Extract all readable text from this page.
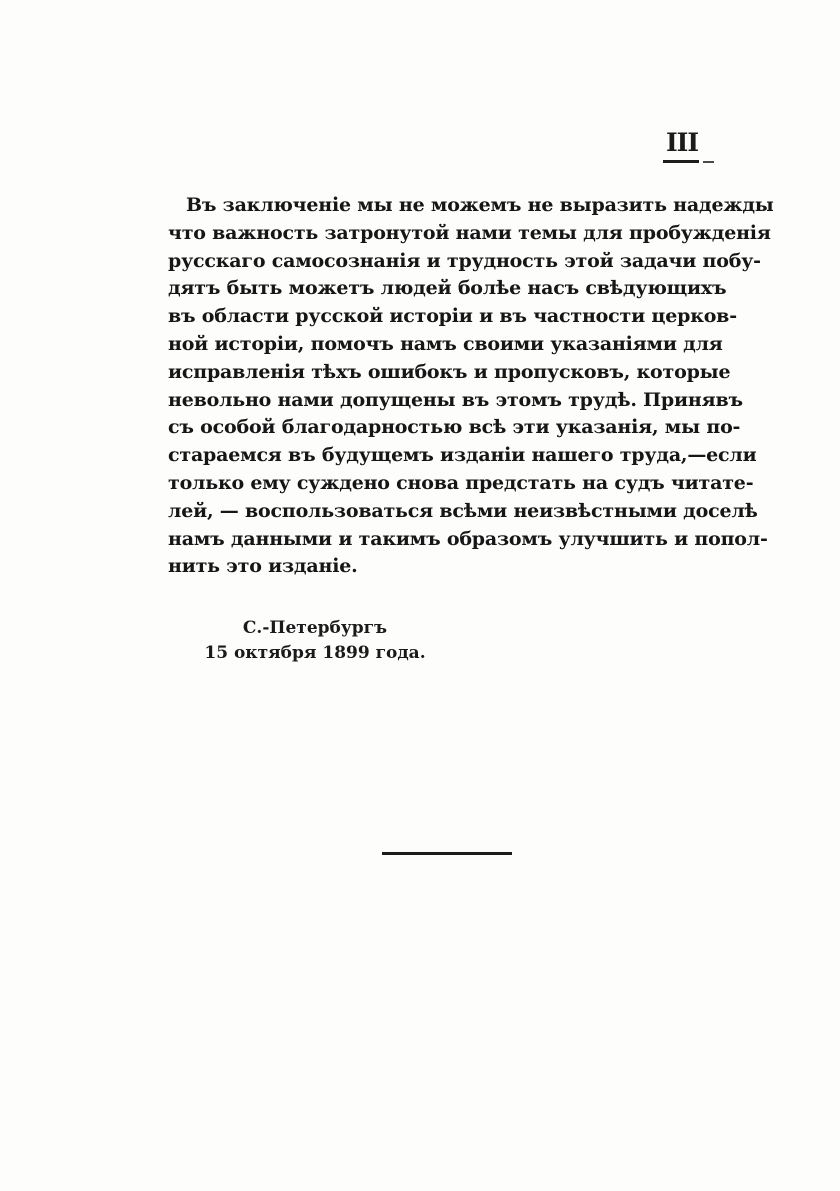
III
Въ заключеніе мы не можемъ не выразить надежды
что важность затронутой нами темы для пробужденія
русскаго самосознанія и трудность этой задачи побу-
дятъ быть можетъ людей болѣе насъ свѣдующихъ
въ области русской исторіи и въ частности церков-
ной исторіи, помочъ намъ своими указаніями для
исправленія тѣхъ ошибокъ и пропусковъ, которые
невольно нами допущены въ этомъ трудѣ. Принявъ
съ особой благодарностью всѣ эти указанія, мы по-
стараемся въ будущемъ изданіи нашего труда,—если
только ему суждено снова предстать на судъ читате-
лей, — воспользоваться всѣми неизвѣстными доселѣ
намъ данными и такимъ образомъ улучшить и попол-
нить это изданіе.
С.-Петербургъ
15 октября 1899 года.
